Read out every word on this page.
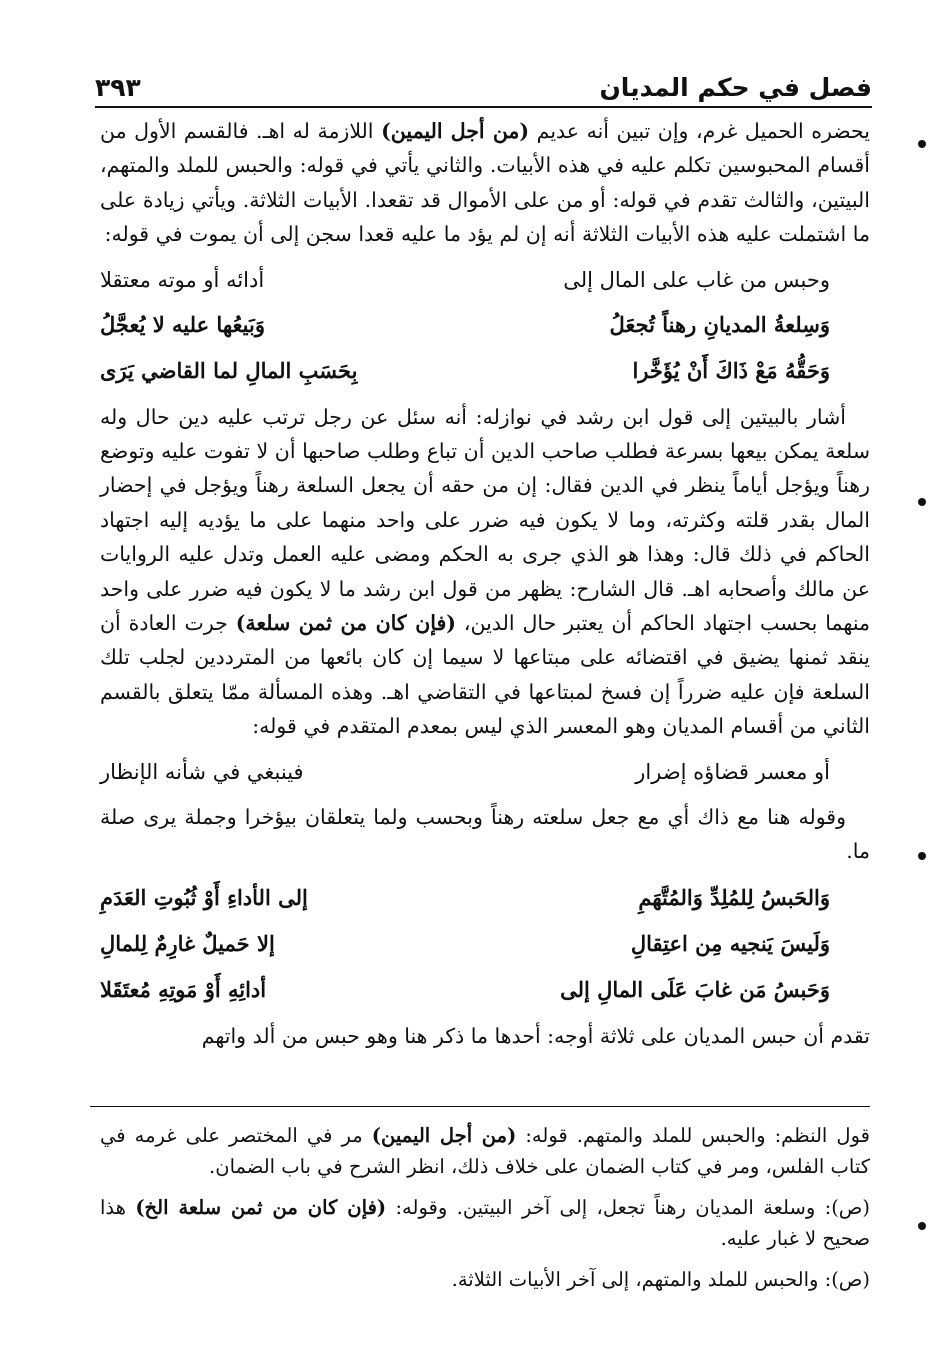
٣٩٣	فصل في حكم المديان

يحضره الحميل غرم، وإن تبين أنه عديم (من أجل اليمين) اللازمة له اهـ. فالقسم الأول من أقسام المحبوسين تكلم عليه في هذه الأبيات. والثاني يأتي في قوله: والحبس للملد والمتهم، البيتين، والثالث تقدم في قوله: أو من على الأموال قد تقعدا. الأبيات الثلاثة. ويأتي زيادة على ما اشتملت عليه هذه الأبيات الثلاثة أنه إن لم يؤد ما عليه قعدا سجن إلى أن يموت في قوله:

وحبس من غاب على المال إلى
أدائه أو موته معتقلا
وَسِلعةُ المديانِ رهناً تُجعَلُ
وَبَيعُها عليه لا يُعجَّلُ
وَحَقُّهُ مَعْ ذَاكَ أَنْ يُؤَخَّرا
بِحَسَبِ المالِ لما القاضي يَرَى

أشار بالبيتين إلى قول ابن رشد في نوازله: أنه سئل عن رجل ترتب عليه دين حال وله سلعة يمكن بيعها بسرعة فطلب صاحب الدين أن تباع وطلب صاحبها أن لا تفوت عليه وتوضع رهناً ويؤجل أياماً ينظر في الدين فقال: إن من حقه أن يجعل السلعة رهناً ويؤجل في إحضار المال بقدر قلته وكثرته، وما لا يكون فيه ضرر على واحد منهما على ما يؤديه إليه اجتهاد الحاكم في ذلك قال: وهذا هو الذي جرى به الحكم ومضى عليه العمل وتدل عليه الروايات عن مالك وأصحابه اهـ. قال الشارح: يظهر من قول ابن رشد ما لا يكون فيه ضرر على واحد منهما بحسب اجتهاد الحاكم أن يعتبر حال الدين، (فإن كان من ثمن سلعة) جرت العادة أن ينقد ثمنها يضيق في اقتضائه على مبتاعها لا سيما إن كان بائعها من المترددين لجلب تلك السلعة فإن عليه ضرراً إن فسخ لمبتاعها في التقاضي اهـ. وهذه المسألة ممّا يتعلق بالقسم الثاني من أقسام المديان وهو المعسر الذي ليس بمعدم المتقدم في قوله:

أو معسر قضاؤه إضرار
فينبغي في شأنه الإنظار

وقوله هنا مع ذاك أي مع جعل سلعته رهناً وبحسب ولما يتعلقان بيؤخرا وجملة يرى صلة ما.

وَالحَبسُ لِلمُلِدِّ وَالمُتَّهَمِ
إلى الأداءِ أَوْ ثُبُوتِ العَدَمِ
وَلَيسَ يَنجيه مِن اعتِقالِ
إلا حَميلٌ غارِمٌ لِلمالِ
وَحَبسُ مَن غابَ عَلَى المالِ إلى
أدائِهِ أَوْ مَوتِهِ مُعتَقَلا

تقدم أن حبس المديان على ثلاثة أوجه: أحدها ما ذكر هنا وهو حبس من ألد واتهم

قول النظم: والحبس للملد والمتهم. قوله: (من أجل اليمين) مر في المختصر على غرمه في كتاب الفلس، ومر في كتاب الضمان على خلاف ذلك، انظر الشرح في باب الضمان.

(ص): وسلعة المديان رهناً تجعل، إلى آخر البيتين. وقوله: (فإن كان من ثمن سلعة الخ) هذا صحيح لا غبار عليه.

(ص): والحبس للملد والمتهم، إلى آخر الأبيات الثلاثة.
